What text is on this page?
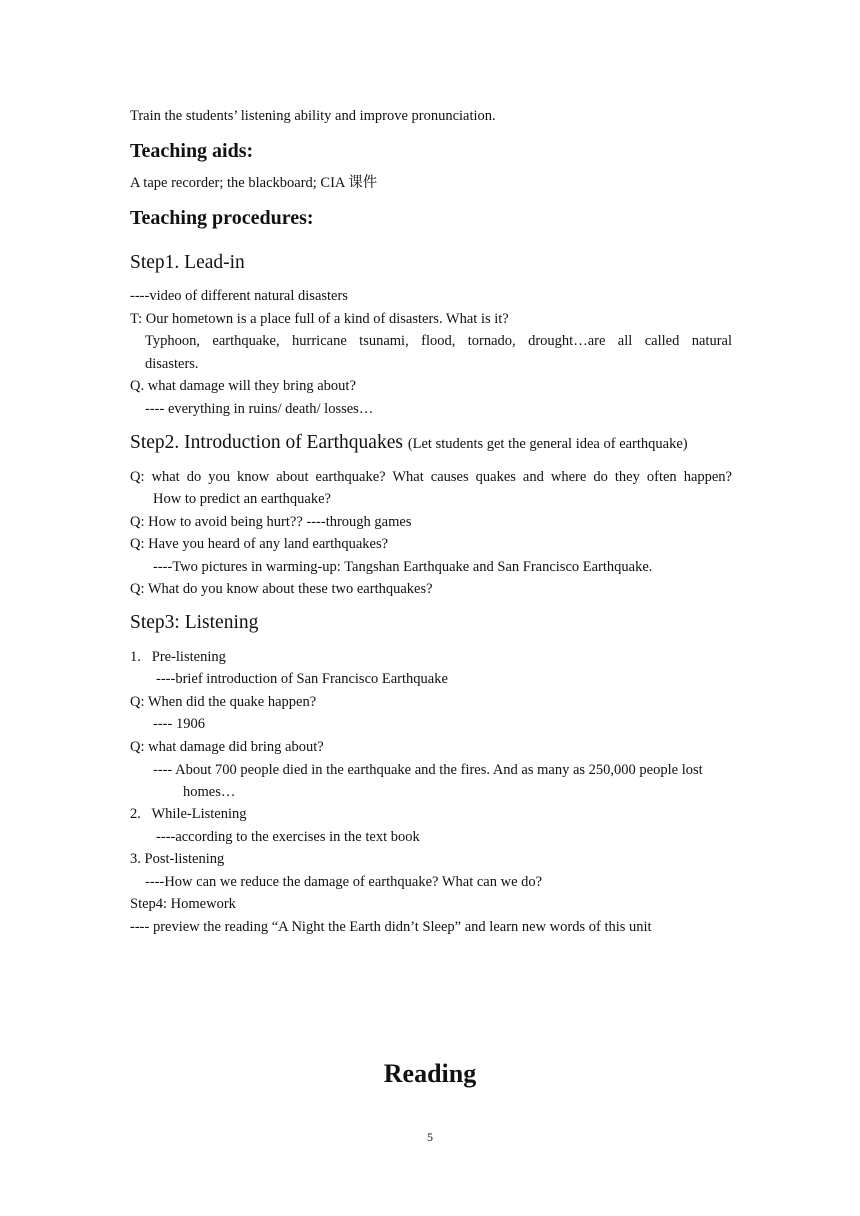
Train the students’ listening ability and improve pronunciation.
Teaching aids:
A tape recorder; the blackboard; CIA 课件
Teaching procedures:
Step1. Lead-in
----video of different natural disasters
T: Our hometown is a place full of a kind of disasters. What is it?
Typhoon, earthquake, hurricane tsunami, flood, tornado, drought…are all called natural
disasters.
Q. what damage will they bring about?
---- everything in ruins/ death/ losses…
Step2. Introduction of Earthquakes (Let students get the general idea of earthquake)
Q: what do you know about earthquake? What causes quakes and where do they often happen?
How to predict an earthquake?
Q: How to avoid being hurt?? ----through games
Q: Have you heard of any land earthquakes?
----Two pictures in warming-up: Tangshan Earthquake and San Francisco Earthquake.
Q: What do you know about these two earthquakes?
Step3: Listening
1.   Pre-listening
----brief introduction of San Francisco Earthquake
Q: When did the quake happen?
---- 1906
Q: what damage did bring about?
---- About 700 people died in the earthquake and the fires. And as many as 250,000 people lost
homes…
2.   While-Listening
----according to the exercises in the text book
3. Post-listening
----How can we reduce the damage of earthquake? What can we do?
Step4: Homework
---- preview the reading “A Night the Earth didn’t Sleep” and learn new words of this unit
Reading
5
